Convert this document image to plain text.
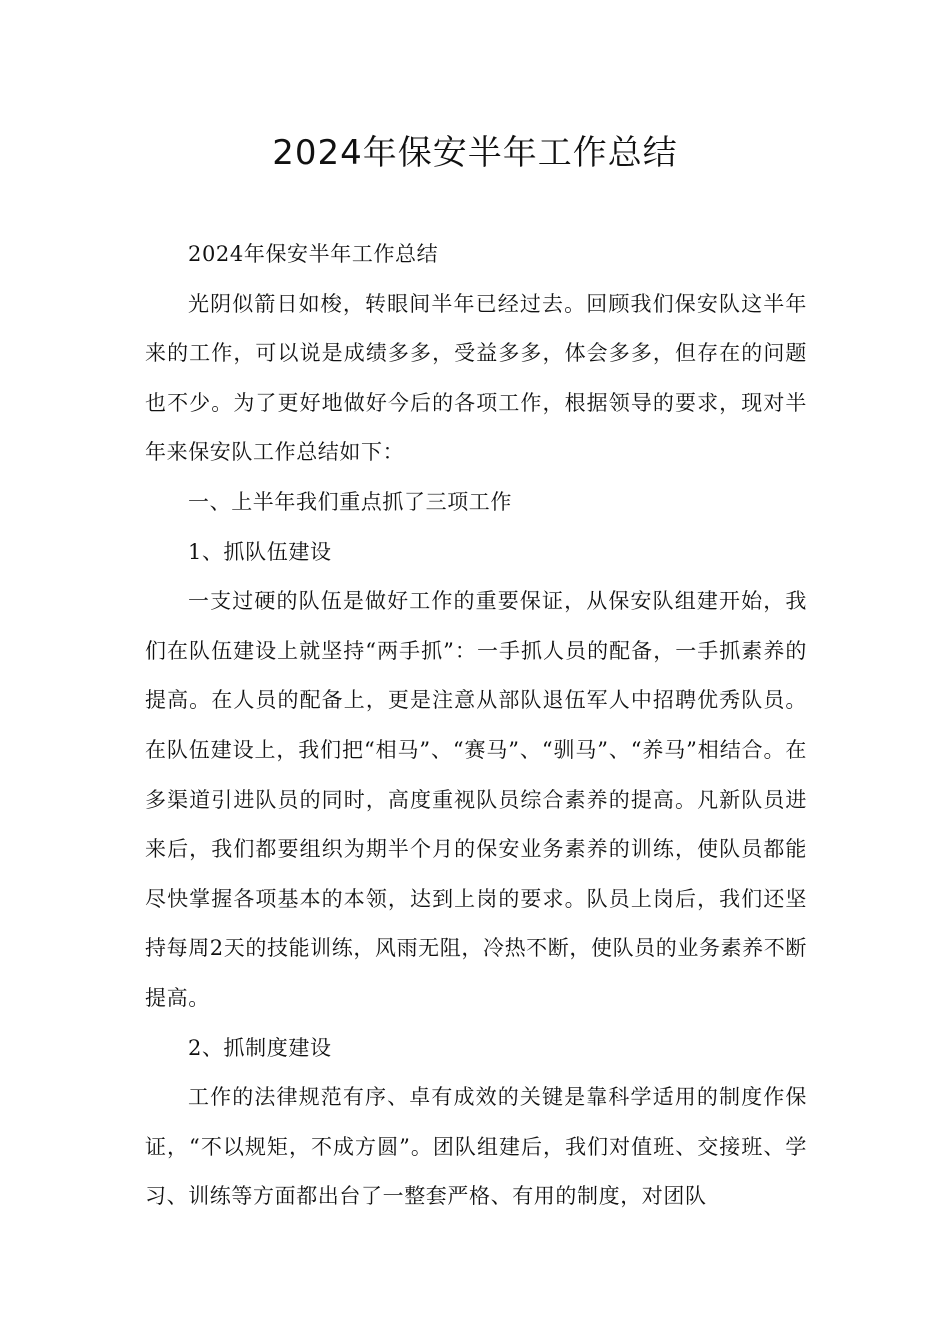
2024年保安半年工作总结

2024年保安半年工作总结

光阴似箭日如梭，转眼间半年已经过去。回顾我们保安队这半年来的工作，可以说是成绩多多，受益多多，体会多多，但存在的问题也不少。为了更好地做好今后的各项工作，根据领导的要求，现对半年来保安队工作总结如下：

一、上半年我们重点抓了三项工作

1、抓队伍建设

一支过硬的队伍是做好工作的重要保证，从保安队组建开始，我们在队伍建设上就坚持“两手抓”：一手抓人员的配备，一手抓素养的提高。在人员的配备上，更是注意从部队退伍军人中招聘优秀队员。在队伍建设上，我们把“相马”、“赛马”、“驯马”、“养马”相结合。在多渠道引进队员的同时，高度重视队员综合素养的提高。凡新队员进来后，我们都要组织为期半个月的保安业务素养的训练，使队员都能尽快掌握各项基本的本领，达到上岗的要求。队员上岗后，我们还坚持每周2天的技能训练，风雨无阻，冷热不断，使队员的业务素养不断提高。

2、抓制度建设

工作的法律规范有序、卓有成效的关键是靠科学适用的制度作保证，“不以规矩，不成方圆”。团队组建后，我们对值班、交接班、学习、训练等方面都出台了一整套严格、有用的制度，对团队
